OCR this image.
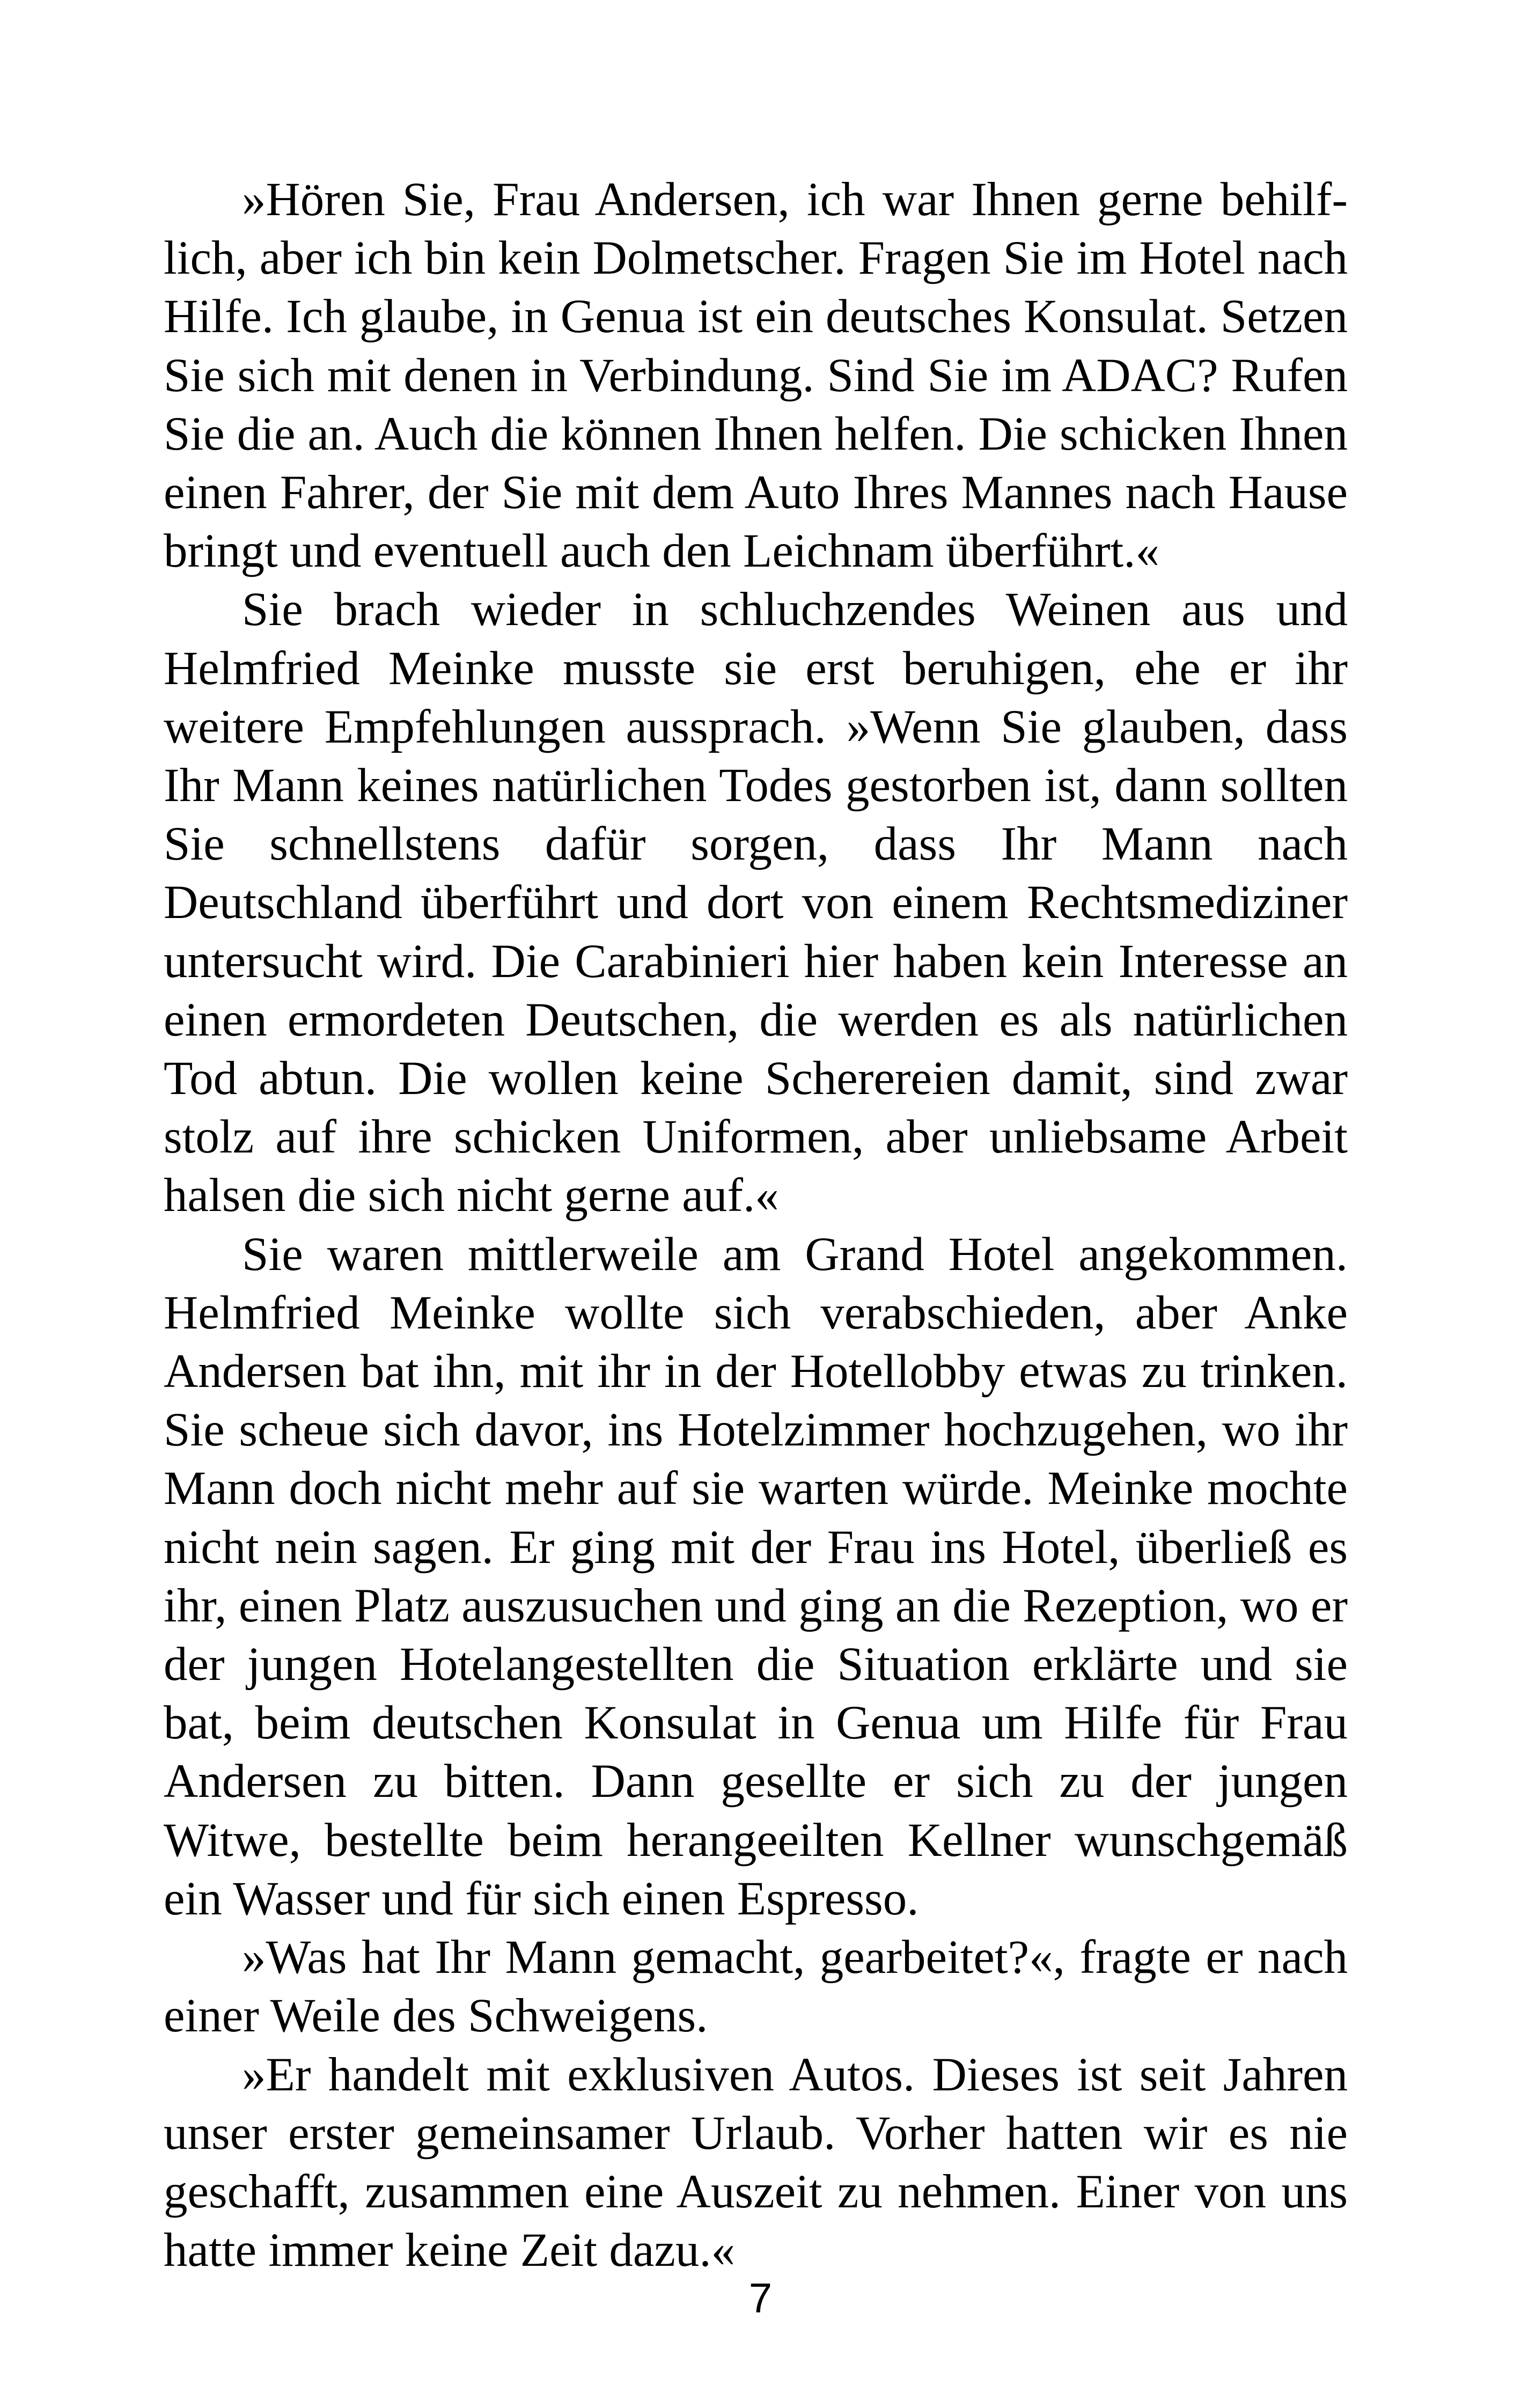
»Hören Sie, Frau Andersen, ich war Ihnen gerne behilflich, aber ich bin kein Dolmetscher. Fragen Sie im Hotel nach Hilfe. Ich glaube, in Genua ist ein deutsches Konsulat. Setzen Sie sich mit denen in Verbindung. Sind Sie im ADAC? Rufen Sie die an. Auch die können Ihnen helfen. Die schicken Ihnen einen Fahrer, der Sie mit dem Auto Ihres Mannes nach Hause bringt und eventuell auch den Leichnam überführt.«

Sie brach wieder in schluchzendes Weinen aus und Helmfried Meinke musste sie erst beruhigen, ehe er ihr weitere Empfehlungen aussprach. »Wenn Sie glauben, dass Ihr Mann keines natürlichen Todes gestorben ist, dann sollten Sie schnellstens dafür sorgen, dass Ihr Mann nach Deutschland überführt und dort von einem Rechtsmediziner untersucht wird. Die Carabinieri hier haben kein Interesse an einen ermordeten Deutschen, die werden es als natürlichen Tod abtun. Die wollen keine Scherereien damit, sind zwar stolz auf ihre schicken Uniformen, aber unliebsame Arbeit halsen die sich nicht gerne auf.«

Sie waren mittlerweile am Grand Hotel angekommen. Helmfried Meinke wollte sich verabschieden, aber Anke Andersen bat ihn, mit ihr in der Hotellobby etwas zu trinken. Sie scheue sich davor, ins Hotelzimmer hochzugehen, wo ihr Mann doch nicht mehr auf sie warten würde. Meinke mochte nicht nein sagen. Er ging mit der Frau ins Hotel, überließ es ihr, einen Platz auszusuchen und ging an die Rezeption, wo er der jungen Hotelangestellten die Situation erklärte und sie bat, beim deutschen Konsulat in Genua um Hilfe für Frau Andersen zu bitten. Dann gesellte er sich zu der jungen Witwe, bestellte beim herangeeilten Kellner wunschgemäß ein Wasser und für sich einen Espresso.

»Was hat Ihr Mann gemacht, gearbeitet?«, fragte er nach einer Weile des Schweigens.

»Er handelt mit exklusiven Autos. Dieses ist seit Jahren unser erster gemeinsamer Urlaub. Vorher hatten wir es nie geschafft, zusammen eine Auszeit zu nehmen. Einer von uns hatte immer keine Zeit dazu.«

7
